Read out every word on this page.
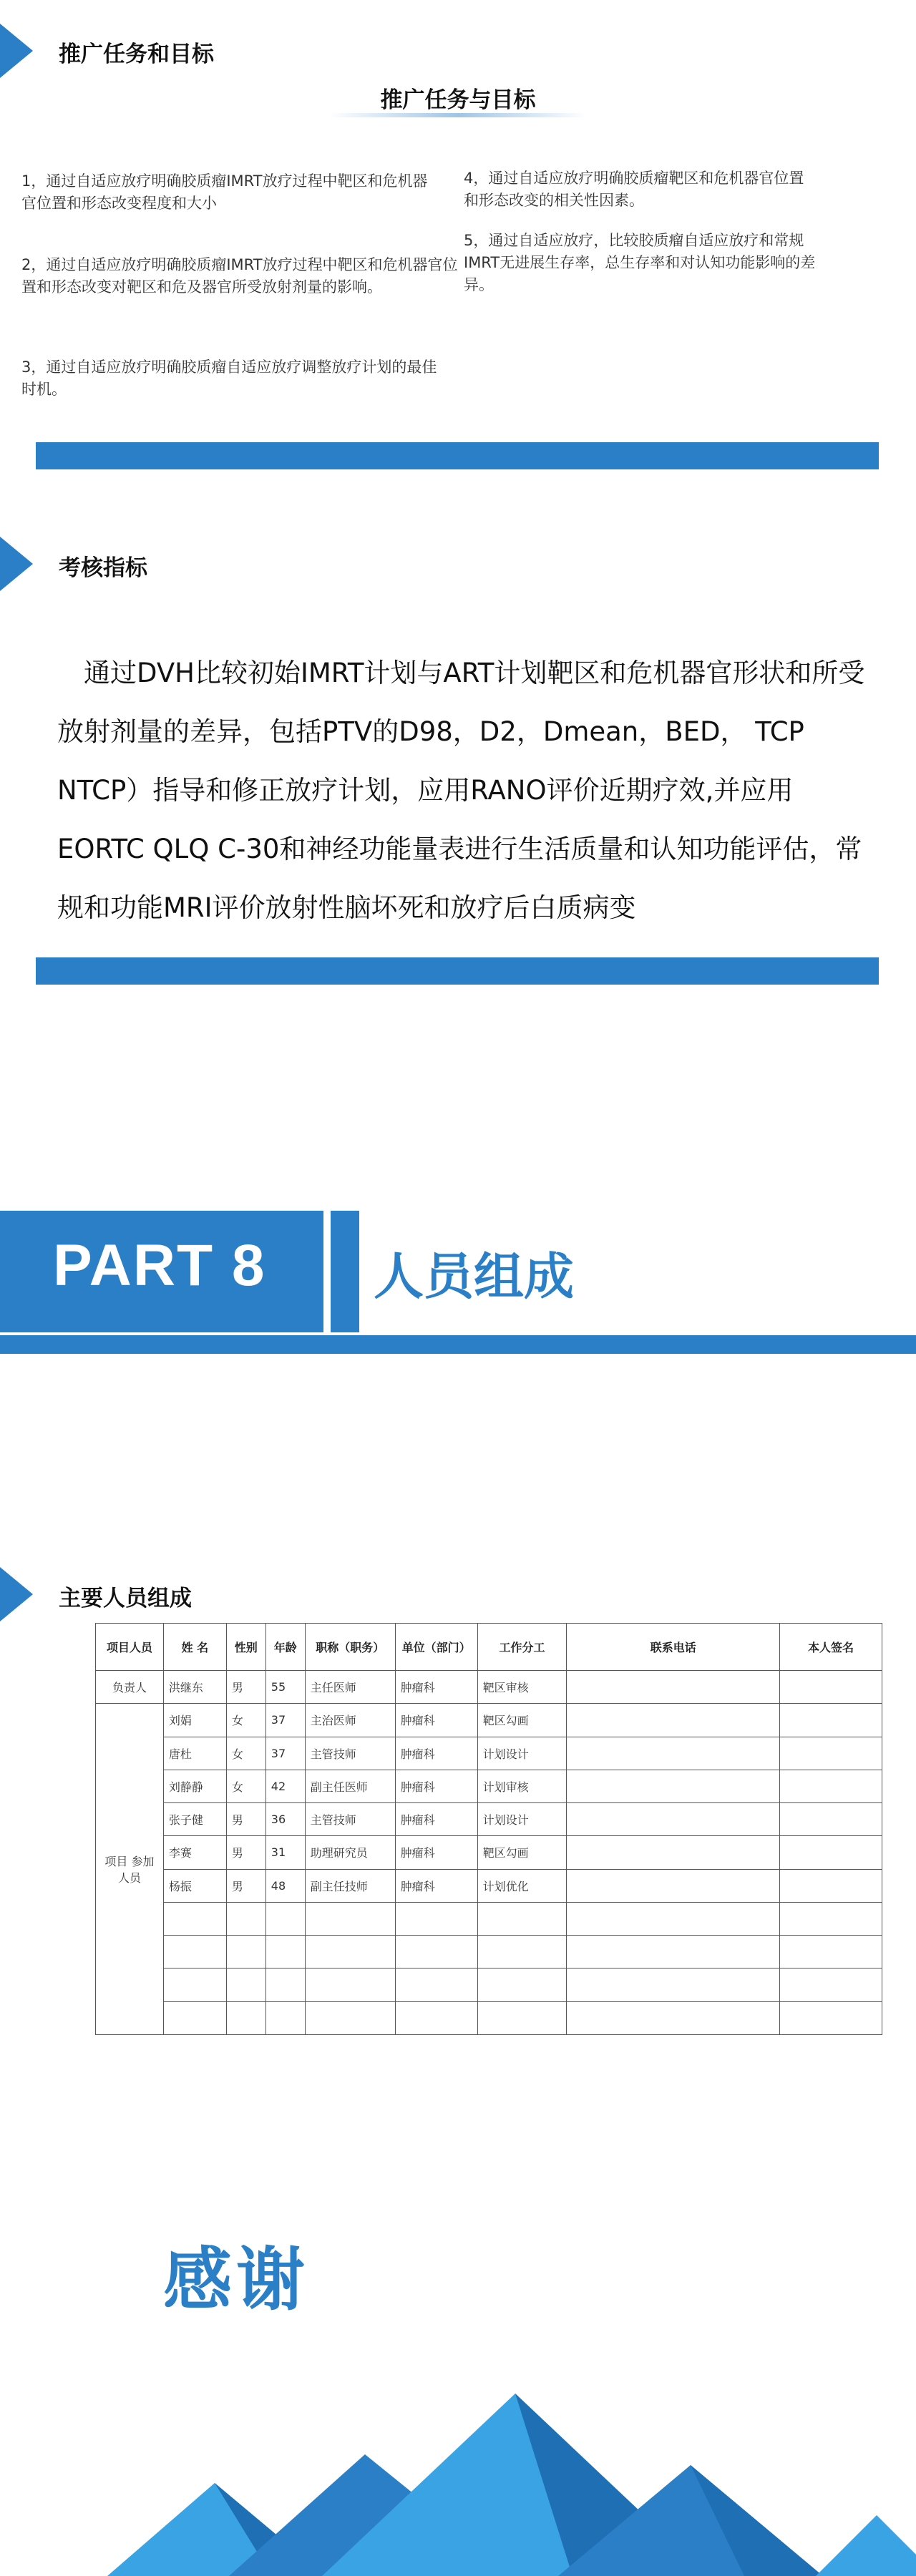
推广任务和目标
推广任务与目标
1，通过自适应放疗明确胶质瘤IMRT放疗过程中靶区和危机器官位置和形态改变程度和大小
2，通过自适应放疗明确胶质瘤IMRT放疗过程中靶区和危机器官位置和形态改变对靶区和危及器官所受放射剂量的影响。
3，通过自适应放疗明确胶质瘤自适应放疗调整放疗计划的最佳时机。
4，通过自适应放疗明确胶质瘤靶区和危机器官位置和形态改变的相关性因素。
5，通过自适应放疗，比较胶质瘤自适应放疗和常规IMRT无进展生存率，总生存率和对认知功能影响的差异。
考核指标
 通过DVH比较初始IMRT计划与ART计划靶区和危机器官形状和所受放射剂量的差异，包括PTV的D98，D2，Dmean，BED， TCP NTCP）指导和修正放疗计划，应用RANO评价近期疗效,并应用EORTC QLQ C-30和神经功能量表进行生活质量和认知功能评估，常规和功能MRI评价放射性脑坏死和放疗后白质病变
PART 8 人员组成
主要人员组成
项目人员	姓 名	性别	年龄	职称（职务）	单位（部门）	工作分工	联系电话	本人签名
负责人	洪继东	男	55	主任医师	肿瘤科	靶区审核		
项目 参加人员	刘娟	女	37	主治医师	肿瘤科	靶区勾画		
	唐杜	女	37	主管技师	肿瘤科	计划设计		
	刘静静	女	42	副主任医师	肿瘤科	计划审核		
	张子健	男	36	主管技师	肿瘤科	计划设计		
	李赛	男	31	助理研究员	肿瘤科	靶区勾画		
	杨振	男	48	副主任技师	肿瘤科	计划优化		

感谢
